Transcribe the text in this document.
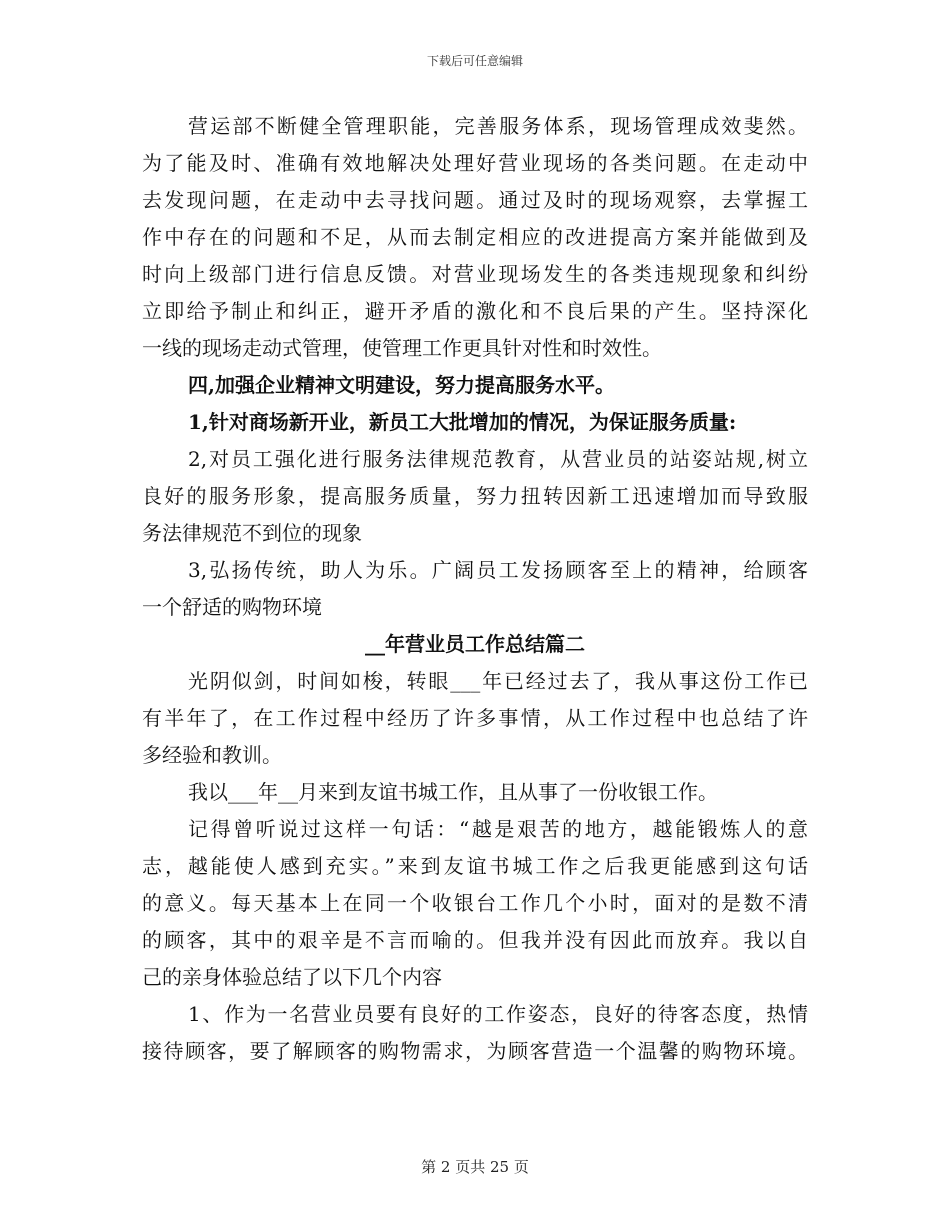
下载后可任意编辑
营运部不断健全管理职能，完善服务体系，现场管理成效斐然。
为了能及时、准确有效地解决处理好营业现场的各类问题。在走动中
去发现问题，在走动中去寻找问题。通过及时的现场观察，去掌握工
作中存在的问题和不足，从而去制定相应的改进提高方案并能做到及
时向上级部门进行信息反馈。对营业现场发生的各类违规现象和纠纷
立即给予制止和纠正，避开矛盾的激化和不良后果的产生。坚持深化
一线的现场走动式管理，使管理工作更具针对性和时效性。
四,加强企业精神文明建设，努力提高服务水平。
1,针对商场新开业，新员工大批增加的情况，为保证服务质量:
2,对员工强化进行服务法律规范教育，从营业员的站姿站规,树立
良好的服务形象，提高服务质量，努力扭转因新工迅速增加而导致服
务法律规范不到位的现象
3,弘扬传统，助人为乐。广阔员工发扬顾客至上的精神，给顾客
一个舒适的购物环境
__年营业员工作总结篇二
光阴似剑，时间如梭，转眼___年已经过去了，我从事这份工作已
有半年了，在工作过程中经历了许多事情，从工作过程中也总结了许
多经验和教训。
我以___年__月来到友谊书城工作，且从事了一份收银工作。
记得曾听说过这样一句话：“越是艰苦的地方，越能锻炼人的意
志，越能使人感到充实。”来到友谊书城工作之后我更能感到这句话
的意义。每天基本上在同一个收银台工作几个小时，面对的是数不清
的顾客，其中的艰辛是不言而喻的。但我并没有因此而放弃。我以自
己的亲身体验总结了以下几个内容
1、作为一名营业员要有良好的工作姿态，良好的待客态度，热情
接待顾客，要了解顾客的购物需求，为顾客营造一个温馨的购物环境。
第 2 页共 25 页
